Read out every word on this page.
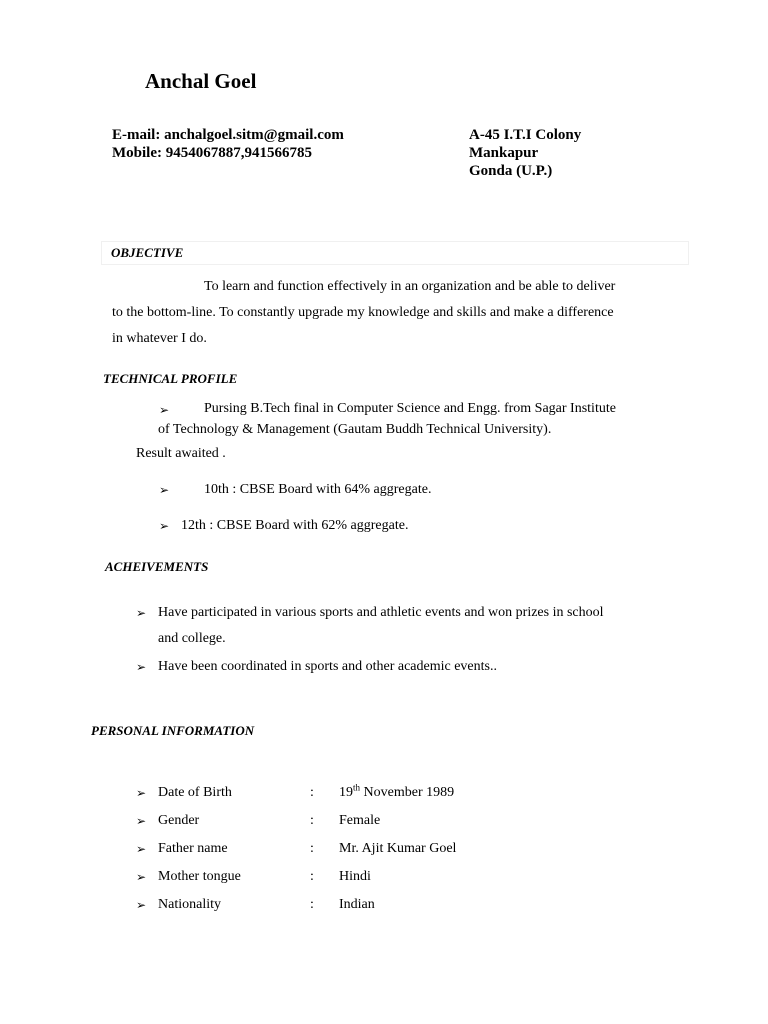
Anchal Goel
E-mail: anchalgoel.sitm@gmail.com
Mobile: 9454067887,941566785
A-45 I.T.I Colony
Mankapur
Gonda (U.P.)
OBJECTIVE
To learn and function effectively in an organization and be able to deliver
to the bottom-line. To constantly upgrade my knowledge and skills and make a difference
in whatever I do.
TECHNICAL PROFILE
➢ Pursing B.Tech final in Computer Science and Engg. from Sagar Institute
of Technology & Management (Gautam Buddh Technical University).
Result awaited .
➢ 10th : CBSE Board with 64% aggregate.
➢ 12th : CBSE Board with 62% aggregate.
ACHEIVEMENTS
➢ Have participated in various sports and athletic events and won prizes in school
and college.
➢ Have been coordinated in sports and other academic events..
PERSONAL INFORMATION
➢ Date of Birth	: 19th November 1989
➢ Gender	: Female
➢ Father name	: Mr. Ajit Kumar Goel
➢ Mother tongue	: Hindi
➢ Nationality	: Indian
